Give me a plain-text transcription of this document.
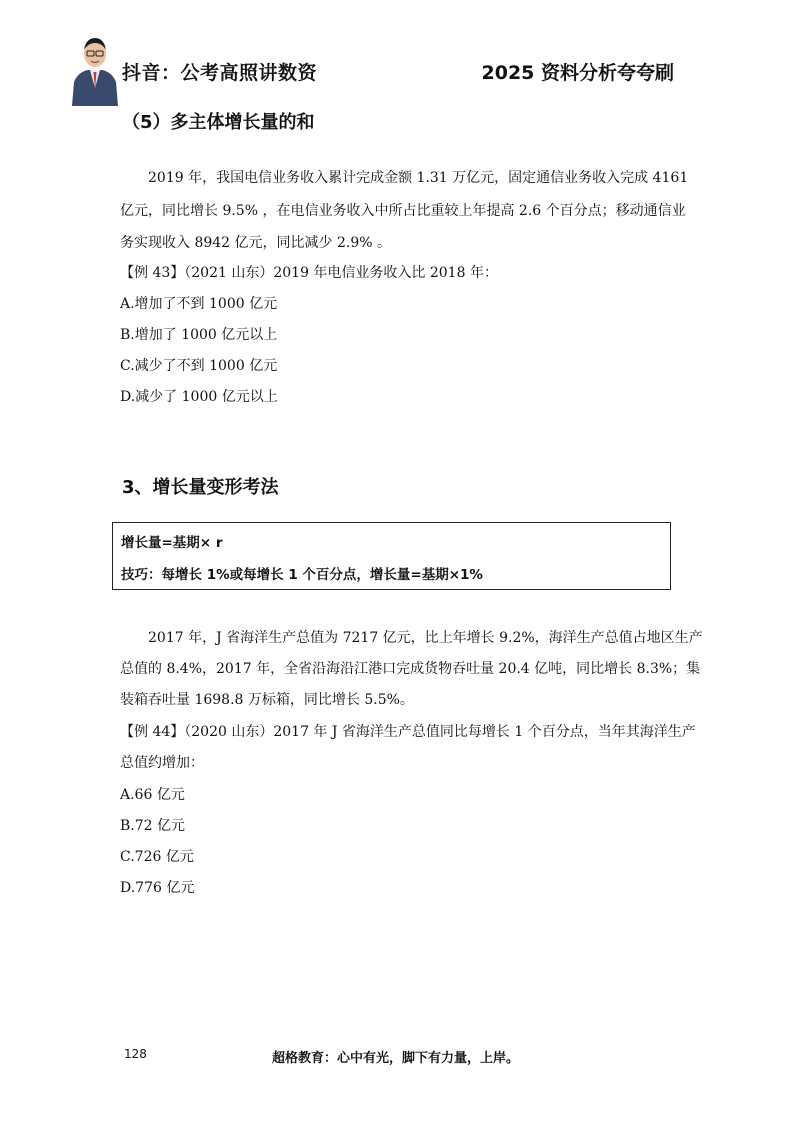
抖音：公考高照讲数资	2025 资料分析夸夸刷
（5）多主体增长量的和
2019 年，我国电信业务收入累计完成金额 1.31 万亿元，固定通信业务收入完成 4161
亿元，同比增长 9.5% ，在电信业务收入中所占比重较上年提高 2.6 个百分点；移动通信业
务实现收入 8942 亿元，同比减少 2.9% 。
【例 43】（2021 山东）2019 年电信业务收入比 2018 年：
A.增加了不到 1000 亿元
B.增加了 1000 亿元以上
C.减少了不到 1000 亿元
D.减少了 1000 亿元以上
3、增长量变形考法
增长量=基期× r
技巧：每增长 1%或每增长 1 个百分点，增长量=基期×1%
2017 年，J 省海洋生产总值为 7217 亿元，比上年增长 9.2%，海洋生产总值占地区生产
总值的 8.4%，2017 年，全省沿海沿江港口完成货物吞吐量 20.4 亿吨，同比增长 8.3%；集
装箱吞吐量 1698.8 万标箱，同比增长 5.5%。
【例 44】（2020 山东）2017 年 J 省海洋生产总值同比每增长 1 个百分点，当年其海洋生产
总值约增加：
A.66 亿元
B.72 亿元
C.726 亿元
D.776 亿元
128	超格教育：心中有光，脚下有力量，上岸。
